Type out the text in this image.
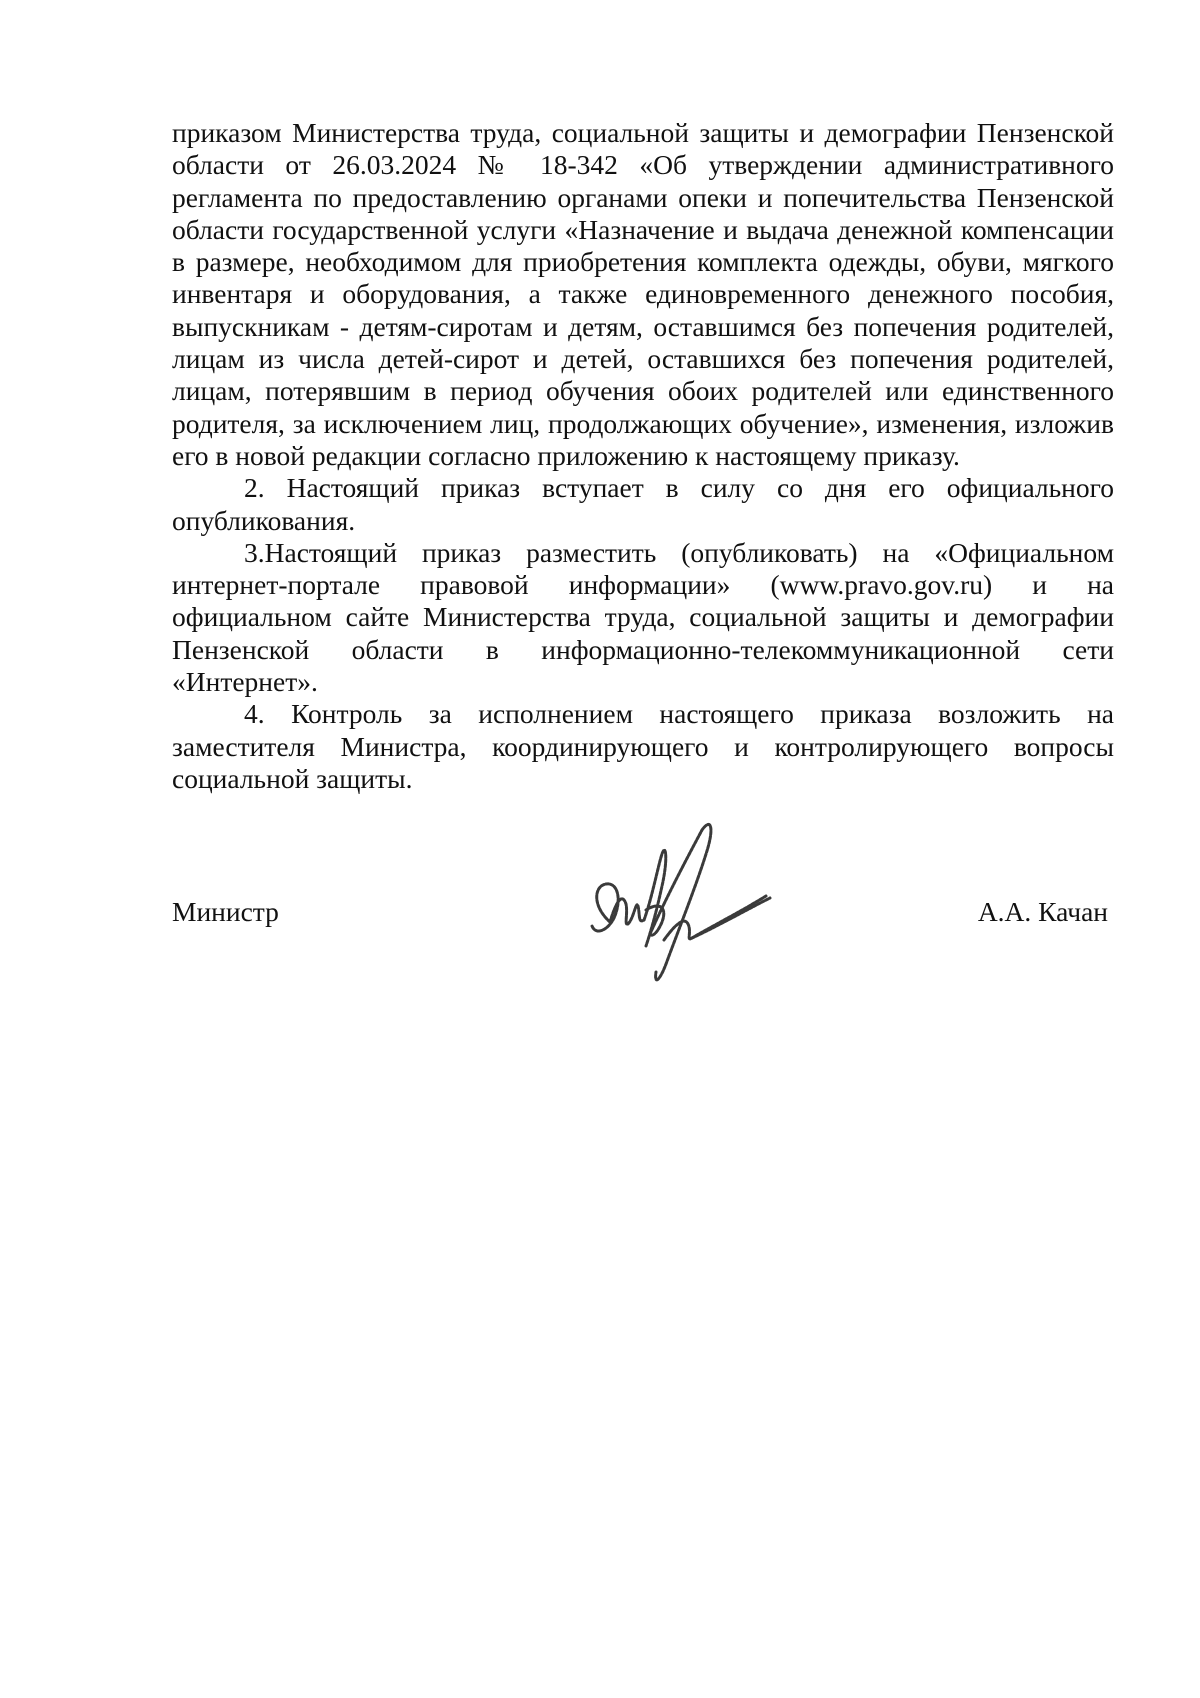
приказом Министерства труда, социальной защиты и демографии Пензенской области от 26.03.2024 № 18-342 «Об утверждении административного регламента по предоставлению органами опеки и попечительства Пензенской области государственной услуги «Назначение и выдача денежной компенсации в размере, необходимом для приобретения комплекта одежды, обуви, мягкого инвентаря и оборудования, а также единовременного денежного пособия, выпускникам - детям-сиротам и детям, оставшимся без попечения родителей, лицам из числа детей-сирот и детей, оставшихся без попечения родителей, лицам, потерявшим в период обучения обоих родителей или единственного родителя, за исключением лиц, продолжающих обучение», изменения, изложив его в новой редакции согласно приложению к настоящему приказу.

2. Настоящий приказ вступает в силу со дня его официального опубликования.

3.Настоящий приказ разместить (опубликовать) на «Официальном интернет-портале правовой информации» (www.pravo.gov.ru) и на официальном сайте Министерства труда, социальной защиты и демографии Пензенской области в информационно-телекоммуникационной сети «Интернет».

4. Контроль за исполнением настоящего приказа возложить на заместителя Министра, координирующего и контролирующего вопросы социальной защиты.

Министр	А.А. Качан
